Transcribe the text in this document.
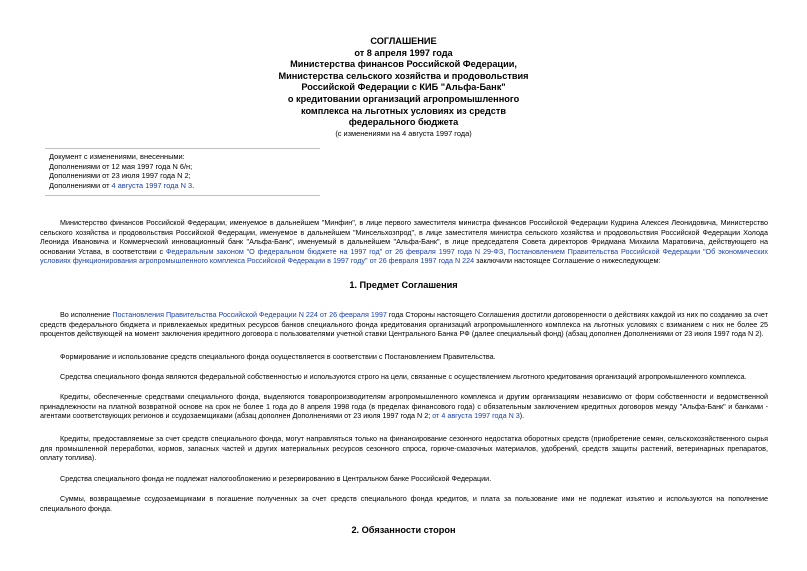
СОГЛАШЕНИЕ
от 8 апреля 1997 года
Министерства финансов Российской Федерации,
Министерства сельского хозяйства и продовольствия
Российской Федерации с КИБ "Альфа-Банк"
о кредитовании организаций агропромышленного
комплекса на льготных условиях из средств
федерального бюджета
(с изменениями на 4 августа 1997 года)
Документ с изменениями, внесенными:
Дополнениями от 12 мая 1997 года N 6/н;
Дополнениями от 23 июля 1997 года N 2;
Дополнениями от 4 августа 1997 года N 3.
Министерство финансов Российской Федерации, именуемое в дальнейшем "Минфин", в лице первого заместителя министра финансов Российской Федерации Кудрина Алексея Леонидовича, Министерство сельского хозяйства и продовольствия Российской Федерации, именуемое в дальнейшем "Минсельхозпрод", в лице заместителя министра сельского хозяйства и продовольствия Российской Федерации Холода Леонида Ивановича и Коммерческий инновационный банк "Альфа-Банк", именуемый в дальнейшем "Альфа-Банк", в лице председателя Совета директоров Фридмана Михаила Маратовича, действующего на основании Устава, в соответствии с Федеральным законом "О федеральном бюджете на 1997 год" от 26 февраля 1997 года N 29-ФЗ, Постановлением Правительства Российской Федерации "Об экономических условиях функционирования агропромышленного комплекса Российской Федерации в 1997 году" от 26 февраля 1997 года N 224 заключили настоящее Соглашение о нижеследующем:
1. Предмет Соглашения
Во исполнение Постановления Правительства Российской Федерации N 224 от 26 февраля 1997 года Стороны настоящего Соглашения достигли договоренности о действиях каждой из них по созданию за счет средств федерального бюджета и привлекаемых кредитных ресурсов банков специального фонда кредитования организаций агропромышленного комплекса на льготных условиях с взиманием с них не более 25 процентов действующей на момент заключения кредитного договора с пользователями учетной ставки Центрального Банка РФ (далее специальный фонд) (абзац дополнен Дополнениями от 23 июля 1997 года N 2).
Формирование и использование средств специального фонда осуществляется в соответствии с Постановлением Правительства.
Средства специального фонда являются федеральной собственностью и используются строго на цели, связанные с осуществлением льготного кредитования организаций агропромышленного комплекса.
Кредиты, обеспеченные средствами специального фонда, выделяются товаропроизводителям агропромышленного комплекса и другим организациям независимо от форм собственности и ведомственной принадлежности на платной возвратной основе на срок не более 1 года до 8 апреля 1998 года (в пределах финансового года) с обязательным заключением кредитных договоров между "Альфа-Банк" и банками - агентами соответствующих регионов и ссудозаемщиками (абзац дополнен Дополнениями от 23 июля 1997 года N 2; от 4 августа 1997 года N 3).
Кредиты, предоставляемые за счет средств специального фонда, могут направляться только на финансирование сезонного недостатка оборотных средств (приобретение семян, сельскохозяйственного сырья для промышленной переработки, кормов, запасных частей и других материальных ресурсов сезонного спроса, горюче-смазочных материалов, удобрений, средств защиты растений, ветеринарных препаратов, оплату топлива).
Средства специального фонда не подлежат налогообложению и резервированию в Центральном банке Российской Федерации.
Суммы, возвращаемые ссудозаемщиками в погашение полученных за счет средств специального фонда кредитов, и плата за пользование ими не подлежат изъятию и используются на пополнение специального фонда.
2. Обязанности сторон
